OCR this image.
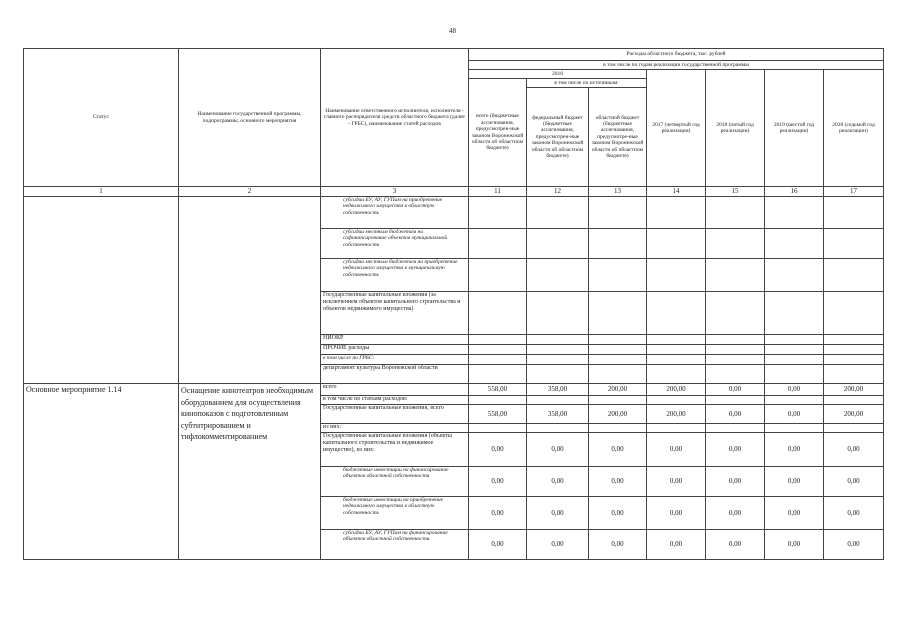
48
Статус	Наименование государственной программы, подпрограммы, основного мероприятия	Наименование ответственного исполнителя, исполнителя - главного распорядителя средств областного бюджета (далее - ГРБС), наименование статей расходов	Расходы областного бюджета, тыс. рублей						
			в том числе по годам реализации государственной программы						
			2016			2017 (четвертый год реализации)	2018 (пятый год реализации)	2019 (шестой год реализации)	2020 (седьмой год реализации)
			всего (бюджетные ассигнования, предусмотрен-ные законом Воронежской области об областном бюджете)	в том числе по источникам:					
				федеральный бюджет (бюджетные ассигнования, предусмотрен-ные законом Воронежской области об областном бюджете)	областной бюджет (бюджетные ассигнования, предусмотре-ные законом Воронежской области об областном бюджете)				
1	2	3	11	12	13	14	15	16	17
		субсидии БУ, АУ, ГУПам на приобретение недвижимого имущества в областную собственность							
		субсидии местным бюджетам на софинансирование объектов муниципальной собственности							
		субсидии местным бюджетам на приобретение недвижимого имущества в муниципальную собственность							
		Государственные капитальные вложения (за исключением объектов капитального строительства и объектов недвижимого имущества)							
		НИОКР							
		ПРОЧИЕ расходы							
		в том числе по ГРБС:							
		департамент культуры Воронежской области							
Основное мероприятие 1.14	Оснащение кинотеатров необходимым оборудованием для осуществления кинопоказов с подготовленным субтитрированием и тифлокомментированием	всего	558,00	358,00	200,00	200,00	0,00	0,00	200,00
		в том числе по статьям расходов:							
		Государственные капитальные вложения, всего	558,00	358,00	200,00	200,00	0,00	0,00	200,00
		из них:							
		Государственные капитальные вложения (объекты капитального строительства и недвижимое имущество), из них:	0,00	0,00	0,00	0,00	0,00	0,00	0,00
		бюджетные инвестиции на финансирование объектов областной собственности	0,00	0,00	0,00	0,00	0,00	0,00	0,00
		бюджетные инвестиции на приобретение недвижимого имущества в областную собственность	0,00	0,00	0,00	0,00	0,00	0,00	0,00
		субсидии БУ, АУ, ГУПам на финансирование объектов областной собственности	0,00	0,00	0,00	0,00	0,00	0,00	0,00
